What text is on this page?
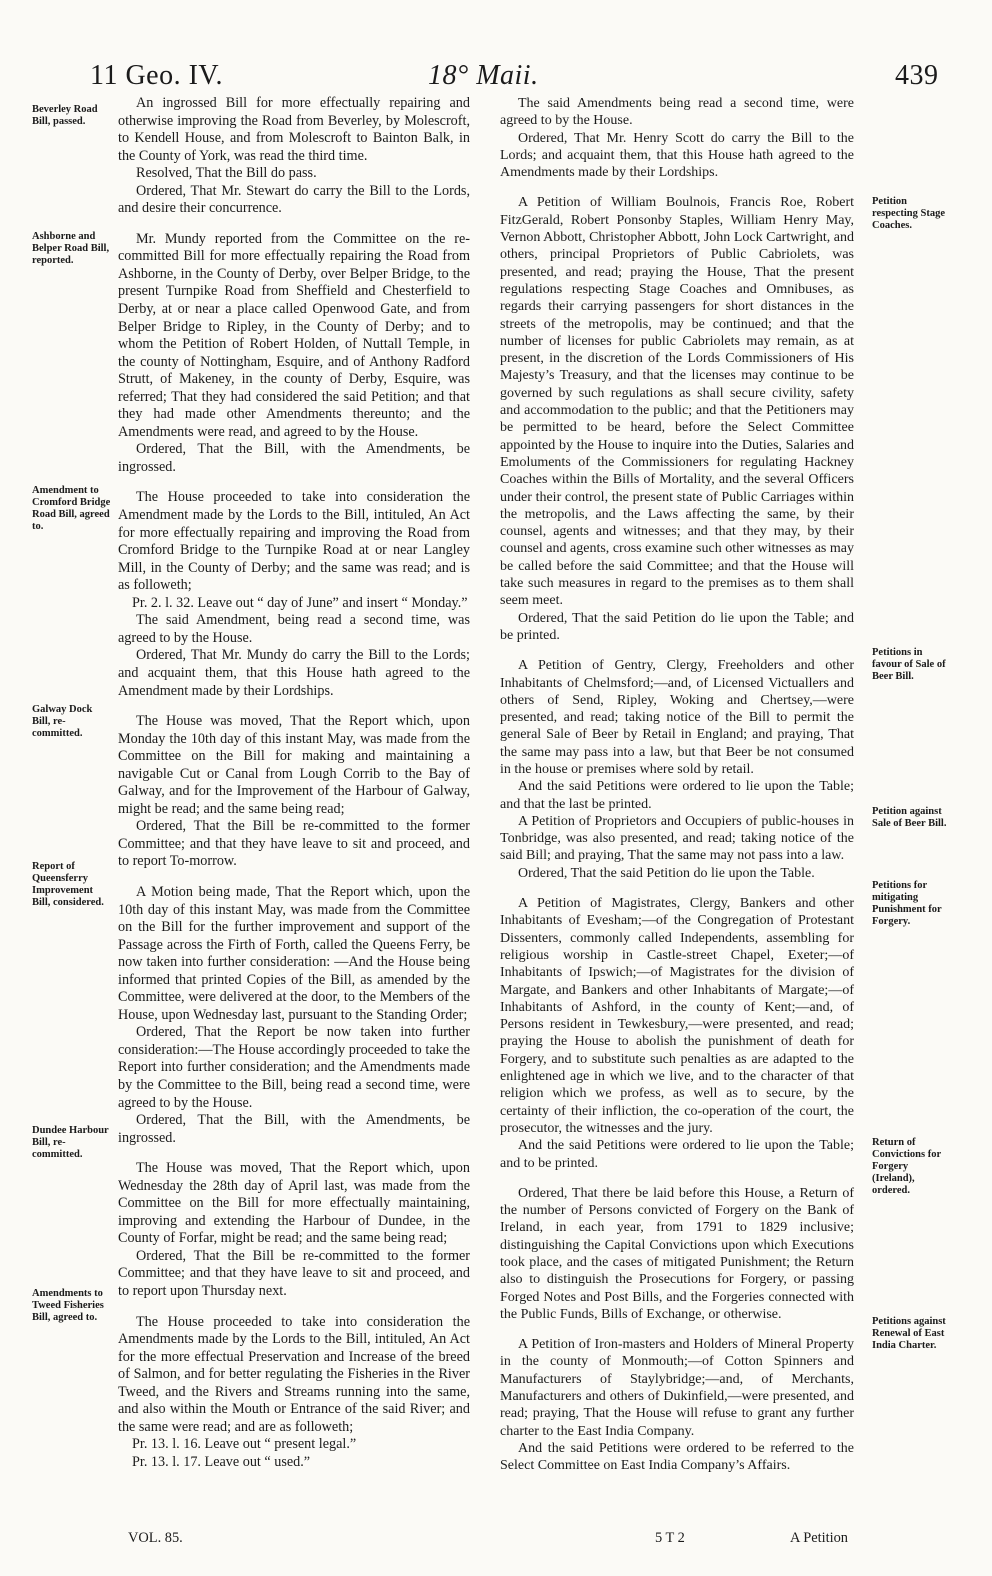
11 Geo. IV.	18° Maii.	439
Beverley Road Bill, passed.
Ashborne and Belper Road Bill, reported.
Amendment to Cromford Bridge Road Bill, agreed to.
Galway Dock Bill, re-committed.
Report of Queensferry Improvement Bill, considered.
Dundee Harbour Bill, re-committed.
Amendments to Tweed Fisheries Bill, agreed to.
Petition respecting Stage Coaches.
Petitions in favour of Sale of Beer Bill.
Petition against Sale of Beer Bill.
Petitions for mitigating Punishment for Forgery.
Return of Convictions for Forgery (Ireland), ordered.
Petitions against Renewal of East India Charter.

An ingrossed Bill for more effectually repairing and otherwise improving the Road from Beverley, by Molescroft, to Kendell House, and from Molescroft to Bainton Balk, in the County of York, was read the third time.

Resolved, That the Bill do pass.

Ordered, That Mr. Stewart do carry the Bill to the Lords, and desire their concurrence.

Mr. Mundy reported from the Committee on the re-committed Bill for more effectually repairing the Road from Ashborne, in the County of Derby, over Belper Bridge, to the present Turnpike Road from Sheffield and Chesterfield to Derby, at or near a place called Openwood Gate, and from Belper Bridge to Ripley, in the County of Derby; and to whom the Petition of Robert Holden, of Nuttall Temple, in the county of Nottingham, Esquire, and of Anthony Radford Strutt, of Makeney, in the county of Derby, Esquire, was referred; That they had considered the said Petition; and that they had made other Amendments thereunto; and the Amendments were read, and agreed to by the House.

Ordered, That the Bill, with the Amendments, be ingrossed.

The House proceeded to take into consideration the Amendment made by the Lords to the Bill, intituled, An Act for more effectually repairing and improving the Road from Cromford Bridge to the Turnpike Road at or near Langley Mill, in the County of Derby; and the same was read; and is as followeth;

Pr. 2. l. 32. Leave out “ day of June” and insert “ Monday.”

The said Amendment, being read a second time, was agreed to by the House.

Ordered, That Mr. Mundy do carry the Bill to the Lords; and acquaint them, that this House hath agreed to the Amendment made by their Lordships.

The House was moved, That the Report which, upon Monday the 10th day of this instant May, was made from the Committee on the Bill for making and maintaining a navigable Cut or Canal from Lough Corrib to the Bay of Galway, and for the Improvement of the Harbour of Galway, might be read; and the same being read;

Ordered, That the Bill be re-committed to the former Committee; and that they have leave to sit and proceed, and to report To-morrow.

A Motion being made, That the Report which, upon the 10th day of this instant May, was made from the Committee on the Bill for the further improvement and support of the Passage across the Firth of Forth, called the Queens Ferry, be now taken into further consideration: —And the House being informed that printed Copies of the Bill, as amended by the Committee, were delivered at the door, to the Members of the House, upon Wednesday last, pursuant to the Standing Order;

Ordered, That the Report be now taken into further consideration:—The House accordingly proceeded to take the Report into further consideration; and the Amendments made by the Committee to the Bill, being read a second time, were agreed to by the House.

Ordered, That the Bill, with the Amendments, be ingrossed.

The House was moved, That the Report which, upon Wednesday the 28th day of April last, was made from the Committee on the Bill for more effectually maintaining, improving and extending the Harbour of Dundee, in the County of Forfar, might be read; and the same being read;

Ordered, That the Bill be re-committed to the former Committee; and that they have leave to sit and proceed, and to report upon Thursday next.

The House proceeded to take into consideration the Amendments made by the Lords to the Bill, intituled, An Act for the more effectual Preservation and Increase of the breed of Salmon, and for better regulating the Fisheries in the River Tweed, and the Rivers and Streams running into the same, and also within the Mouth or Entrance of the said River; and the same were read; and are as followeth;

Pr. 13. l. 16. Leave out “ present legal.”

Pr. 13. l. 17. Leave out “ used.”

The said Amendments being read a second time, were agreed to by the House.

Ordered, That Mr. Henry Scott do carry the Bill to the Lords; and acquaint them, that this House hath agreed to the Amendments made by their Lordships.

A Petition of William Boulnois, Francis Roe, Robert FitzGerald, Robert Ponsonby Staples, William Henry May, Vernon Abbott, Christopher Abbott, John Lock Cartwright, and others, principal Proprietors of Public Cabriolets, was presented, and read; praying the House, That the present regulations respecting Stage Coaches and Omnibuses, as regards their carrying passengers for short distances in the streets of the metropolis, may be continued; and that the number of licenses for public Cabriolets may remain, as at present, in the discretion of the Lords Commissioners of His Majesty’s Treasury, and that the licenses may continue to be governed by such regulations as shall secure civility, safety and accommodation to the public; and that the Petitioners may be permitted to be heard, before the Select Committee appointed by the House to inquire into the Duties, Salaries and Emoluments of the Commissioners for regulating Hackney Coaches within the Bills of Mortality, and the several Officers under their control, the present state of Public Carriages within the metropolis, and the Laws affecting the same, by their counsel, agents and witnesses; and that they may, by their counsel and agents, cross examine such other witnesses as may be called before the said Committee; and that the House will take such measures in regard to the premises as to them shall seem meet.

Ordered, That the said Petition do lie upon the Table; and be printed.

A Petition of Gentry, Clergy, Freeholders and other Inhabitants of Chelmsford;—and, of Licensed Victuallers and others of Send, Ripley, Woking and Chertsey,—were presented, and read; taking notice of the Bill to permit the general Sale of Beer by Retail in England; and praying, That the same may pass into a law, but that Beer be not consumed in the house or premises where sold by retail.

And the said Petitions were ordered to lie upon the Table; and that the last be printed.

A Petition of Proprietors and Occupiers of public-houses in Tonbridge, was also presented, and read; taking notice of the said Bill; and praying, That the same may not pass into a law.

Ordered, That the said Petition do lie upon the Table.

A Petition of Magistrates, Clergy, Bankers and other Inhabitants of Evesham;—of the Congregation of Protestant Dissenters, commonly called Independents, assembling for religious worship in Castle-street Chapel, Exeter;—of Inhabitants of Ipswich;—of Magistrates for the division of Margate, and Bankers and other Inhabitants of Margate;—of Inhabitants of Ashford, in the county of Kent;—and, of Persons resident in Tewkesbury,—were presented, and read; praying the House to abolish the punishment of death for Forgery, and to substitute such penalties as are adapted to the enlightened age in which we live, and to the character of that religion which we profess, as well as to secure, by the certainty of their infliction, the co-operation of the court, the prosecutor, the witnesses and the jury.

And the said Petitions were ordered to lie upon the Table; and to be printed.

Ordered, That there be laid before this House, a Return of the number of Persons convicted of Forgery on the Bank of Ireland, in each year, from 1791 to 1829 inclusive; distinguishing the Capital Convictions upon which Executions took place, and the cases of mitigated Punishment; the Return also to distinguish the Prosecutions for Forgery, or passing Forged Notes and Post Bills, and the Forgeries connected with the Public Funds, Bills of Exchange, or otherwise.

A Petition of Iron-masters and Holders of Mineral Property in the county of Monmouth;—of Cotton Spinners and Manufacturers of Staylybridge;—and, of Merchants, Manufacturers and others of Dukinfield,—were presented, and read; praying, That the House will refuse to grant any further charter to the East India Company.

And the said Petitions were ordered to be referred to the Select Committee on East India Company’s Affairs.

VOL. 85.	5 T 2	A Petition
